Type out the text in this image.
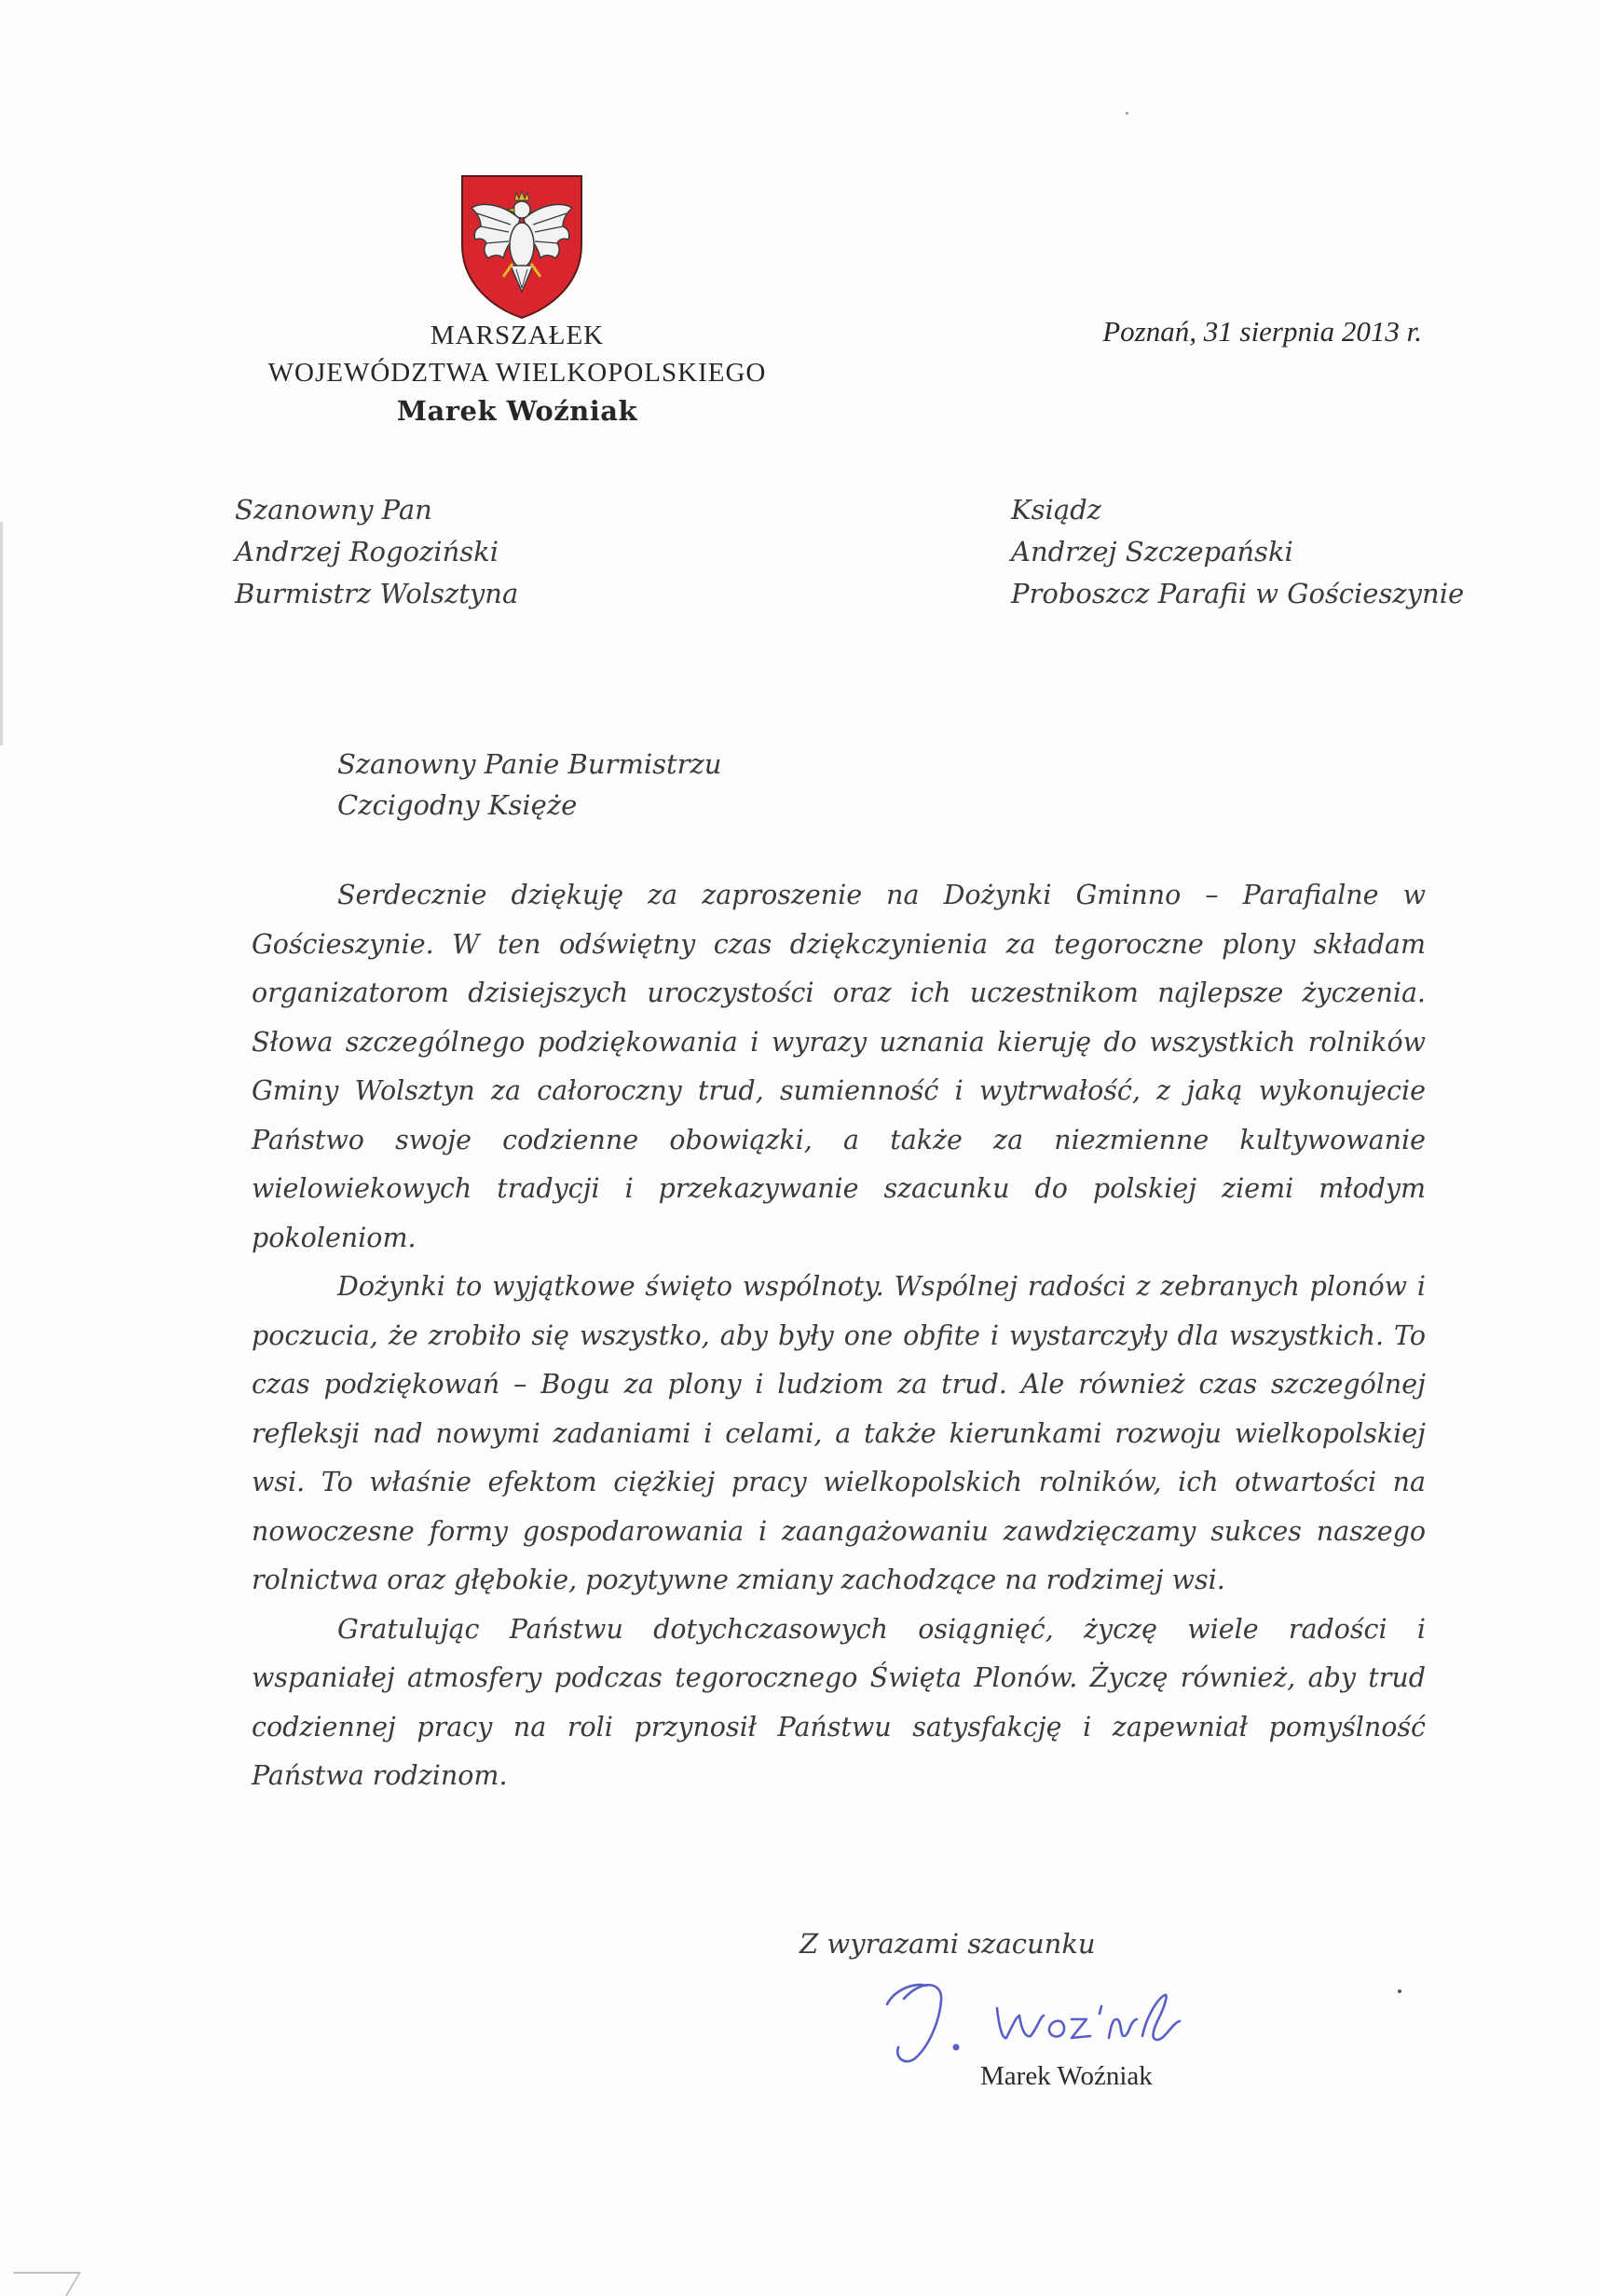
MARSZAŁEK
WOJEWÓDZTWA WIELKOPOLSKIEGO
Marek Woźniak
Poznań, 31 sierpnia 2013 r.
Szanowny Pan
Andrzej Rogoziński
Burmistrz Wolsztyna
Ksiądz
Andrzej Szczepański
Proboszcz Parafii w Gościeszynie
Szanowny Panie Burmistrzu
Czcigodny Księże

Serdecznie dziękuję za zaproszenie na Dożynki Gminno – Parafialne w Gościeszynie. W ten odświętny czas dziękczynienia za tegoroczne plony składam organizatorom dzisiejszych uroczystości oraz ich uczestnikom najlepsze życzenia. Słowa szczególnego podziękowania i wyrazy uznania kieruję do wszystkich rolników Gminy Wolsztyn za całoroczny trud, sumienność i wytrwałość, z jaką wykonujecie Państwo swoje codzienne obowiązki, a także za niezmienne kultywowanie wielowiekowych tradycji i przekazywanie szacunku do polskiej ziemi młodym pokoleniom.

Dożynki to wyjątkowe święto wspólnoty. Wspólnej radości z zebranych plonów i poczucia, że zrobiło się wszystko, aby były one obfite i wystarczyły dla wszystkich. To czas podziękowań – Bogu za plony i ludziom za trud. Ale również czas szczególnej refleksji nad nowymi zadaniami i celami, a także kierunkami rozwoju wielkopolskiej wsi. To właśnie efektom ciężkiej pracy wielkopolskich rolników, ich otwartości na nowoczesne formy gospodarowania i zaangażowaniu zawdzięczamy sukces naszego rolnictwa oraz głębokie, pozytywne zmiany zachodzące na rodzimej wsi.

Gratulując Państwu dotychczasowych osiągnięć, życzę wiele radości i wspaniałej atmosfery podczas tegorocznego Święta Plonów. Życzę również, aby trud codziennej pracy na roli przynosił Państwu satysfakcję i zapewniał pomyślność Państwa rodzinom.

Z wyrazami szacunku
Marek Woźniak
